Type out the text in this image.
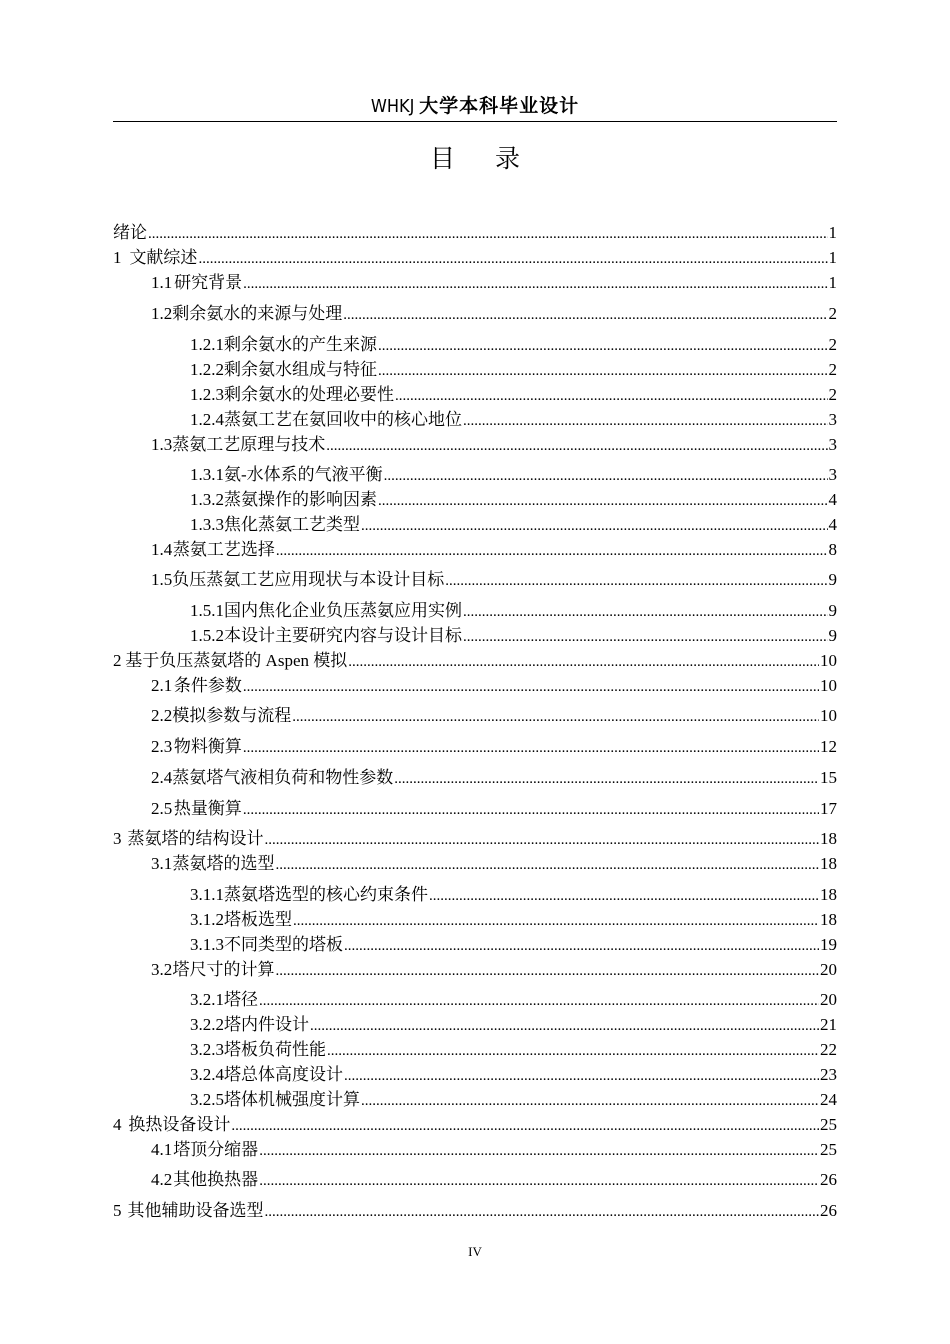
WHKJ 大学本科毕业设计
目 录
绪论 .....	1
1 文献综述 .....	1
1.1 研究背景 .....	1
1.2 剩余氨水的来源与处理 .....	2
1.2.1 剩余氨水的产生来源 .....	2
1.2.2 剩余氨水组成与特征 .....	2
1.2.3 剩余氨水的处理必要性 .....	2
1.2.4 蒸氨工艺在氨回收中的核心地位 .....	3
1.3 蒸氨工艺原理与技术 .....	3
1.3.1 氨-水体系的气液平衡 .....	3
1.3.2 蒸氨操作的影响因素 .....	4
1.3.3 焦化蒸氨工艺类型 .....	4
1.4 蒸氨工艺选择 .....	8
1.5 负压蒸氨工艺应用现状与本设计目标 .....	9
1.5.1 国内焦化企业负压蒸氨应用实例 .....	9
1.5.2 本设计主要研究内容与设计目标 .....	9
2 基于负压蒸氨塔的 Aspen 模拟 .....	10
2.1 条件参数 .....	10
2.2 模拟参数与流程 .....	10
2.3 物料衡算 .....	12
2.4 蒸氨塔气液相负荷和物性参数 .....	15
2.5 热量衡算 .....	17
3 蒸氨塔的结构设计 .....	18
3.1 蒸氨塔的选型 .....	18
3.1.1 蒸氨塔选型的核心约束条件 .....	18
3.1.2 塔板选型 .....	18
3.1.3 不同类型的塔板 .....	19
3.2 塔尺寸的计算 .....	20
3.2.1 塔径 .....	20
3.2.2 塔内件设计 .....	21
3.2.3 塔板负荷性能 .....	22
3.2.4 塔总体高度设计 .....	23
3.2.5 塔体机械强度计算 .....	24
4 换热设备设计 .....	25
4.1 塔顶分缩器 .....	25
4.2 其他换热器 .....	26
5 其他辅助设备选型 .....	26
IV
